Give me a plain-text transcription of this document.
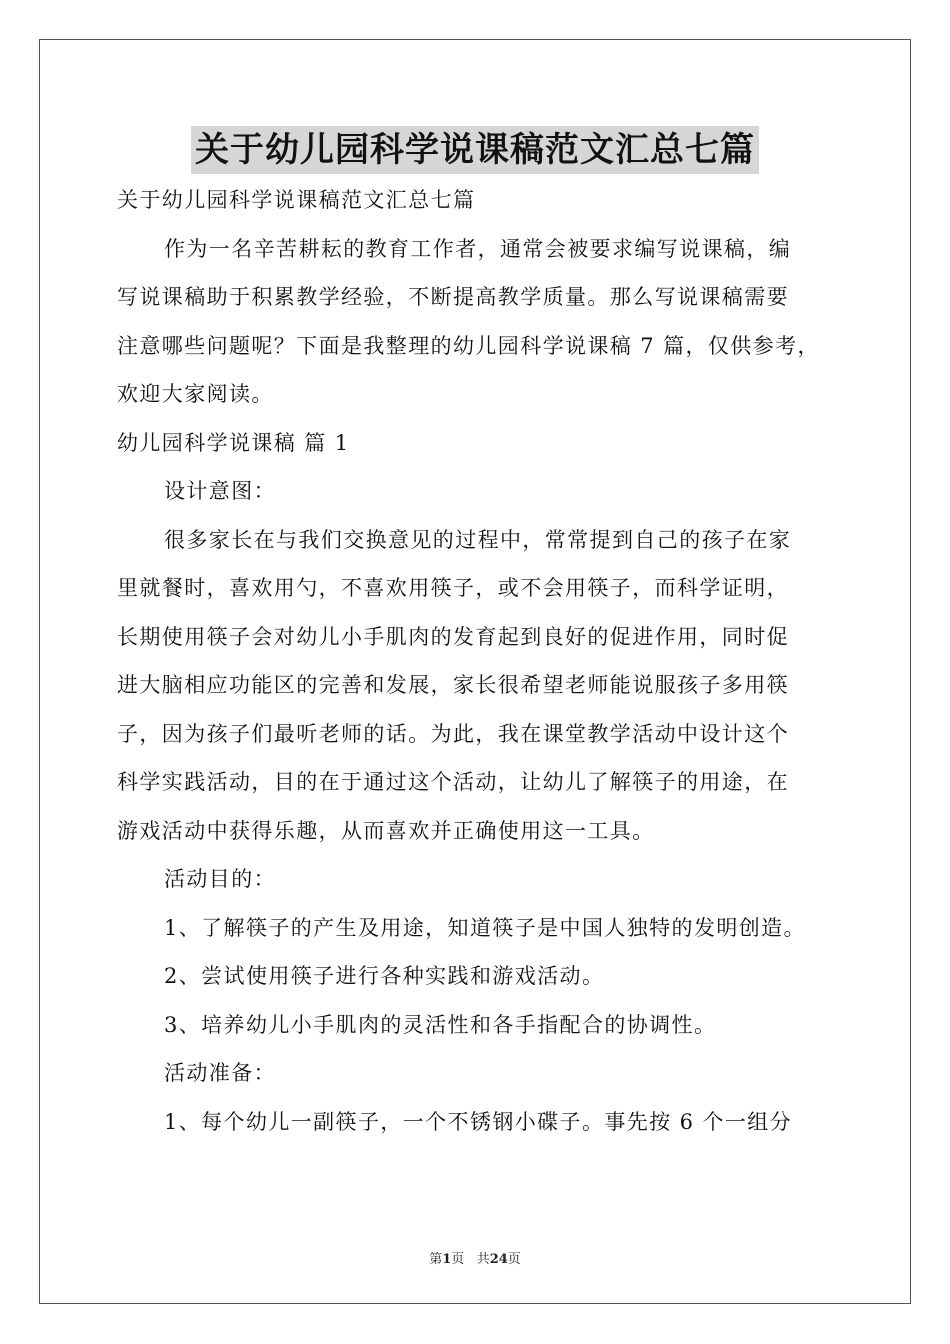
关于幼儿园科学说课稿范文汇总七篇
关于幼儿园科学说课稿范文汇总七篇
作为一名辛苦耕耘的教育工作者，通常会被要求编写说课稿，编
写说课稿助于积累教学经验，不断提高教学质量。那么写说课稿需要
注意哪些问题呢？下面是我整理的幼儿园科学说课稿 7 篇，仅供参考，
欢迎大家阅读。
幼儿园科学说课稿 篇 1
设计意图：
很多家长在与我们交换意见的过程中，常常提到自己的孩子在家
里就餐时，喜欢用勺，不喜欢用筷子，或不会用筷子，而科学证明，
长期使用筷子会对幼儿小手肌肉的发育起到良好的促进作用，同时促
进大脑相应功能区的完善和发展，家长很希望老师能说服孩子多用筷
子，因为孩子们最听老师的话。为此，我在课堂教学活动中设计这个
科学实践活动，目的在于通过这个活动，让幼儿了解筷子的用途，在
游戏活动中获得乐趣，从而喜欢并正确使用这一工具。
活动目的：
1、了解筷子的产生及用途，知道筷子是中国人独特的发明创造。
2、尝试使用筷子进行各种实践和游戏活动。
3、培养幼儿小手肌肉的灵活性和各手指配合的协调性。
活动准备：
1、每个幼儿一副筷子，一个不锈钢小碟子。事先按 6 个一组分
第1页 共24页
